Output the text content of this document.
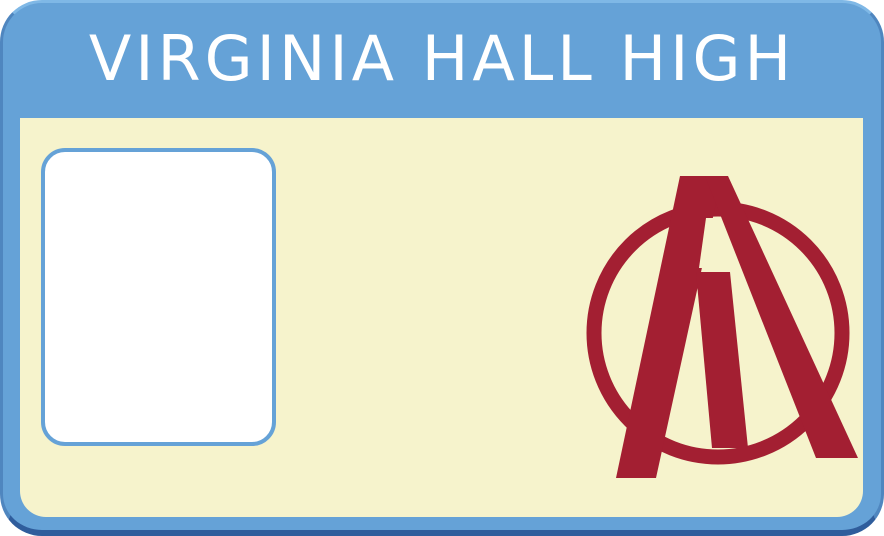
VIRGINIA HALL HIGH
